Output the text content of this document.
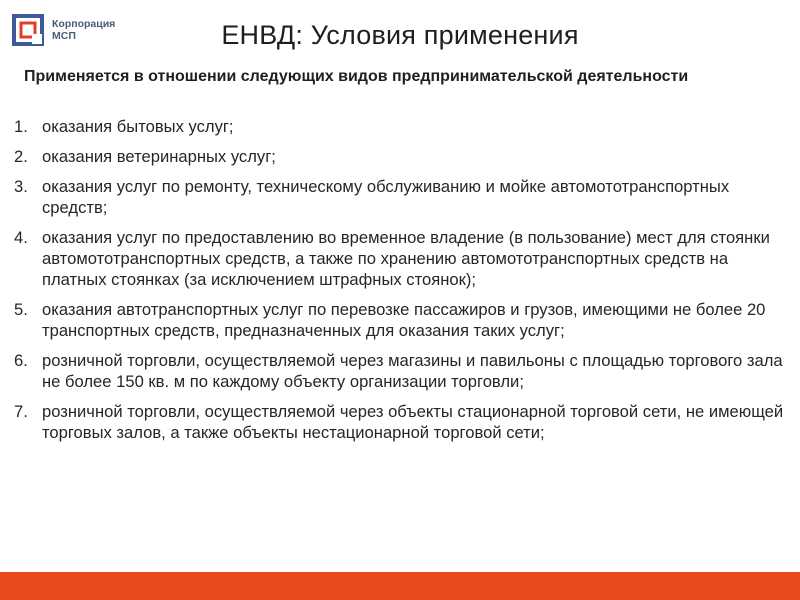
Корпорация
МСП	ЕНВД: Условия применения
Применяется в отношении следующих видов предпринимательской деятельности
1. оказания бытовых услуг;
2. оказания ветеринарных услуг;
3. оказания услуг по ремонту, техническому обслуживанию и мойке автомототранспортных средств;
4. оказания услуг по предоставлению во временное владение (в пользование) мест для стоянки автомототранспортных средств, а также по хранению автомототранспортных средств на платных стоянках (за исключением штрафных стоянок);
5. оказания автотранспортных услуг по перевозке пассажиров и грузов, имеющими не более 20 транспортных средств, предназначенных для оказания таких услуг;
6. розничной торговли, осуществляемой через магазины и павильоны с площадью торгового зала не более 150 кв. м по каждому объекту организации торговли;
7. розничной торговли, осуществляемой через объекты стационарной торговой сети, не имеющей торговых залов, а также объекты нестационарной торговой сети;
